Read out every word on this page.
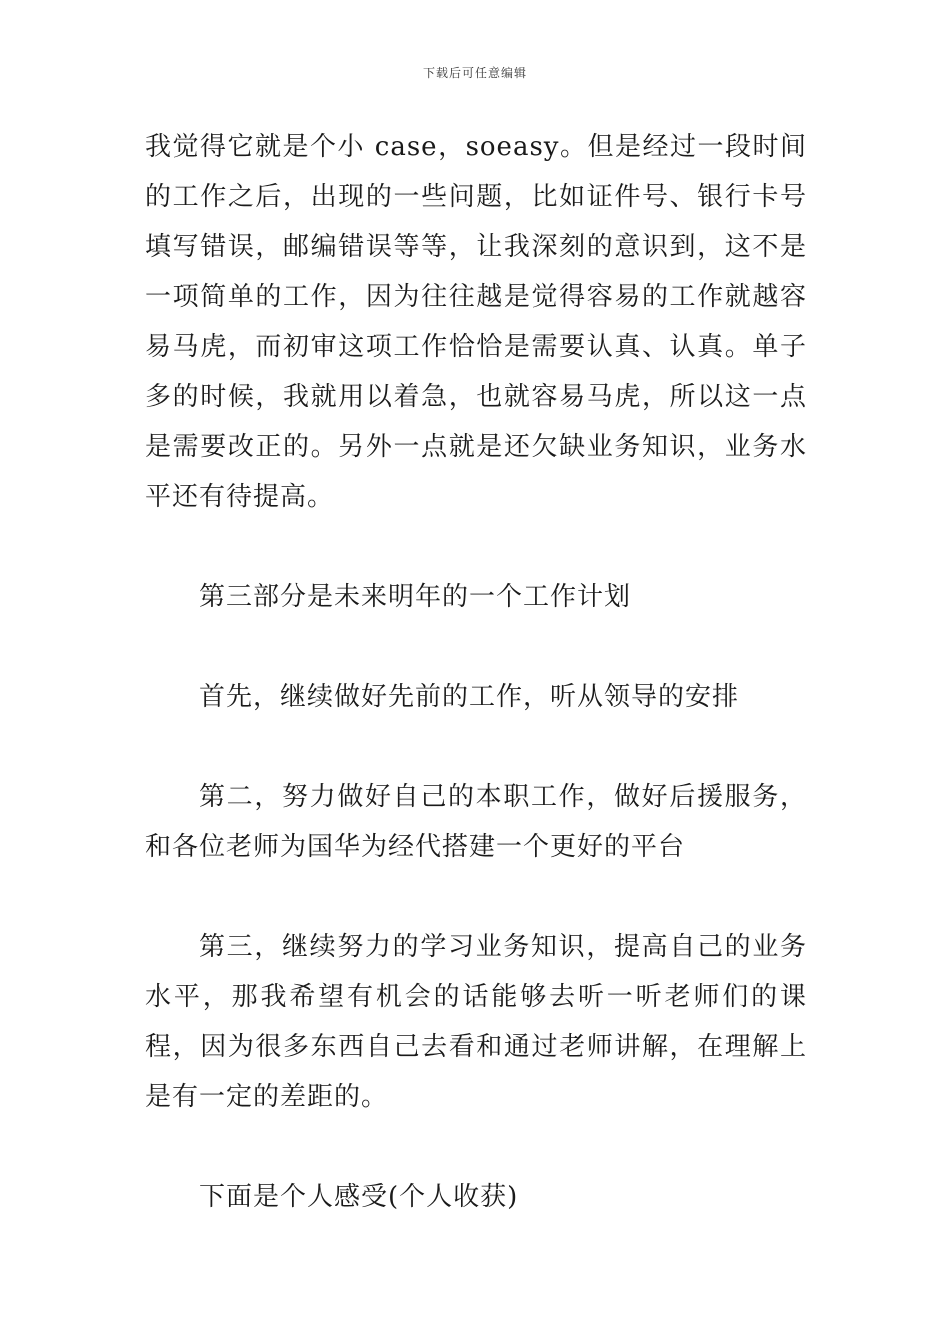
下载后可任意编辑

我觉得它就是个小 case，soeasy。但是经过一段时间的工作之后，出现的一些问题，比如证件号、银行卡号填写错误，邮编错误等等，让我深刻的意识到，这不是一项简单的工作，因为往往越是觉得容易的工作就越容易马虎，而初审这项工作恰恰是需要认真、认真。单子多的时候，我就用以着急，也就容易马虎，所以这一点是需要改正的。另外一点就是还欠缺业务知识，业务水平还有待提高。

第三部分是未来明年的一个工作计划

首先，继续做好先前的工作，听从领导的安排

第二，努力做好自己的本职工作，做好后援服务，和各位老师为国华为经代搭建一个更好的平台

第三，继续努力的学习业务知识，提高自己的业务水平，那我希望有机会的话能够去听一听老师们的课程，因为很多东西自己去看和通过老师讲解，在理解上是有一定的差距的。

下面是个人感受(个人收获)
